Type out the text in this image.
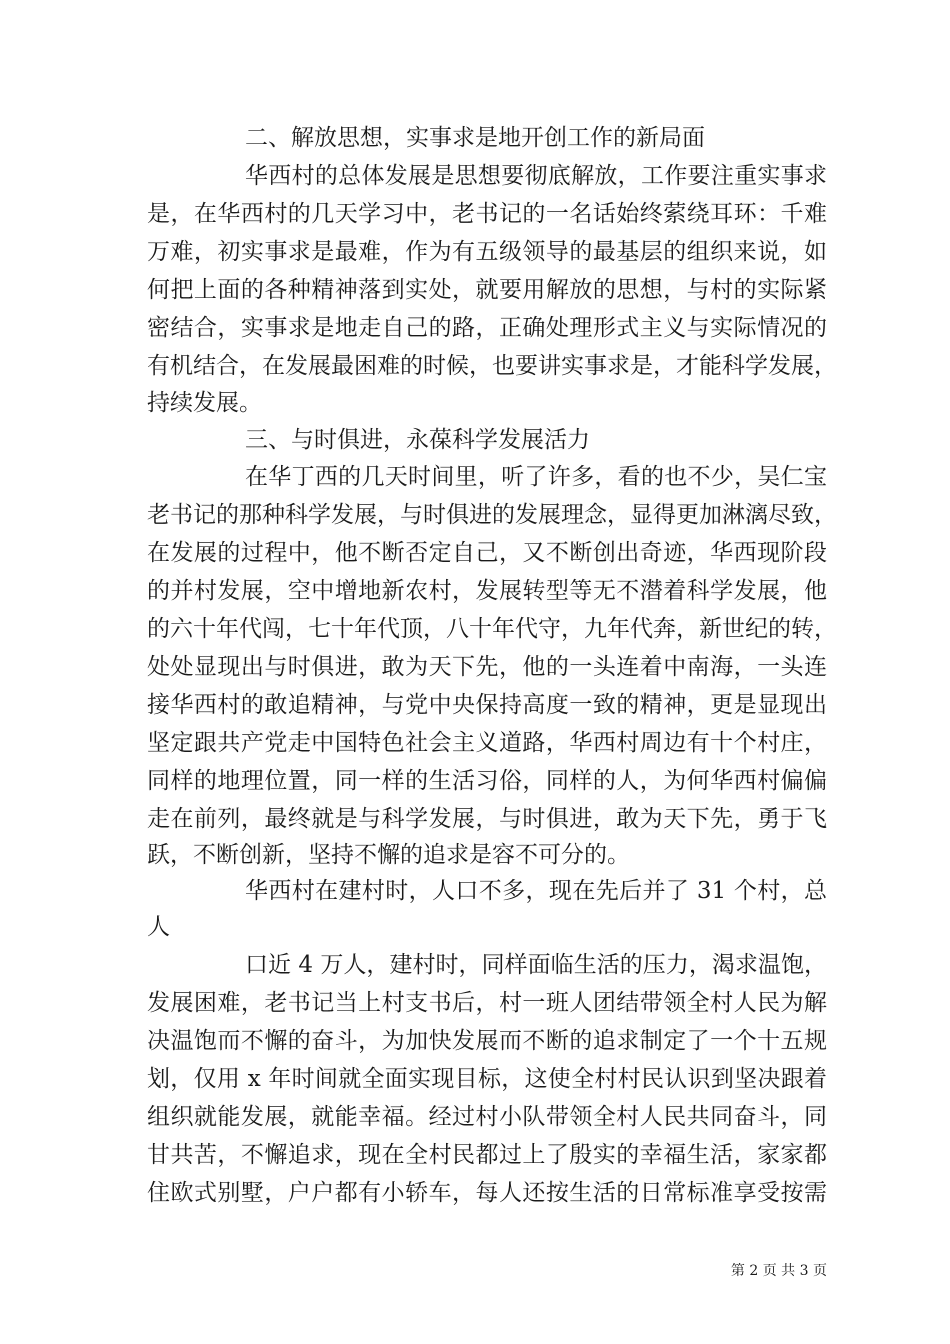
二、解放思想，实事求是地开创工作的新局面
华西村的总体发展是思想要彻底解放，工作要注重实事求
是，在华西村的几天学习中，老书记的一名话始终萦绕耳环：千难
万难，初实事求是最难，作为有五级领导的最基层的组织来说，如
何把上面的各种精神落到实处，就要用解放的思想，与村的实际紧
密结合，实事求是地走自己的路，正确处理形式主义与实际情况的
有机结合，在发展最困难的时候，也要讲实事求是，才能科学发展，
持续发展。
三、与时俱进，永葆科学发展活力
在华丁西的几天时间里，听了许多，看的也不少，吴仁宝
老书记的那种科学发展，与时俱进的发展理念，显得更加淋漓尽致，
在发展的过程中，他不断否定自己，又不断创出奇迹，华西现阶段
的并村发展，空中增地新农村，发展转型等无不潜着科学发展，他
的六十年代闯，七十年代顶，八十年代守，九年代奔，新世纪的转，
处处显现出与时俱进，敢为天下先，他的一头连着中南海，一头连
接华西村的敢追精神，与党中央保持高度一致的精神，更是显现出
坚定跟共产党走中国特色社会主义道路，华西村周边有十个村庄，
同样的地理位置，同一样的生活习俗，同样的人，为何华西村偏偏
走在前列，最终就是与科学发展，与时俱进，敢为天下先，勇于飞
跃，不断创新，坚持不懈的追求是容不可分的。
华西村在建村时，人口不多，现在先后并了 31 个村，总
人
口近 4 万人，建村时，同样面临生活的压力，渴求温饱，
发展困难，老书记当上村支书后，村一班人团结带领全村人民为解
决温饱而不懈的奋斗，为加快发展而不断的追求制定了一个十五规
划，仅用 x 年时间就全面实现目标，这使全村村民认识到坚决跟着
组织就能发展，就能幸福。经过村小队带领全村人民共同奋斗，同
甘共苦，不懈追求，现在全村民都过上了殷实的幸福生活，家家都
住欧式别墅，户户都有小轿车，每人还按生活的日常标准享受按需
第 2 页 共 3 页
